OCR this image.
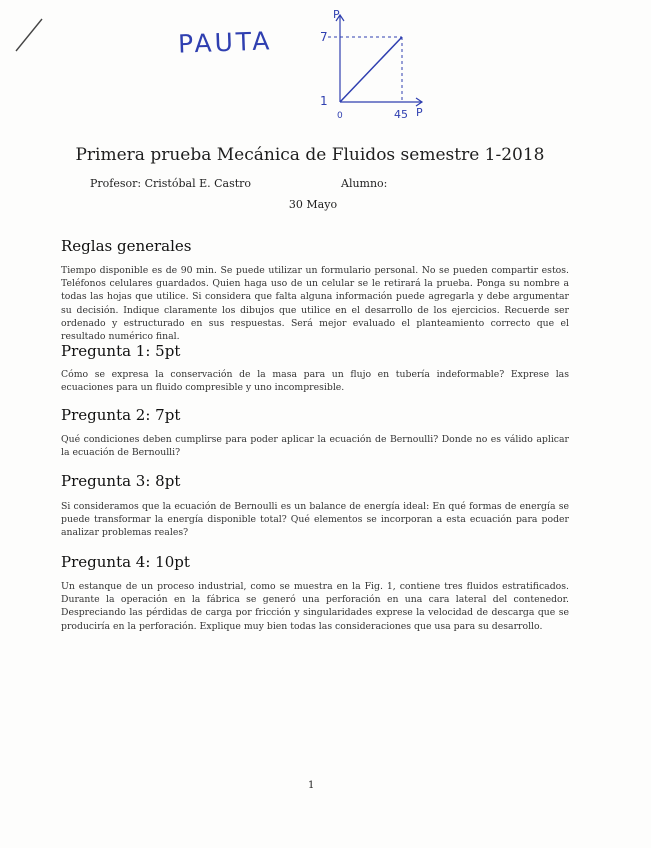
PAUTA
P
7
1
45 P
0
Primera prueba Mecánica de Fluidos semestre 1-2018
Profesor: Cristóbal E. Castro	Alumno:
30 Mayo
Reglas generales

Tiempo disponible es de 90 min. Se puede utilizar un formulario personal. No se pueden compartir estos. Teléfonos celulares guardados. Quien haga uso de un celular se le retirará la prueba. Ponga su nombre a todas las hojas que utilice. Si considera que falta alguna información puede agregarla y debe argumentar su decisión. Indique claramente los dibujos que utilice en el desarrollo de los ejercicios. Recuerde ser ordenado y estructurado en sus respuestas. Será mejor evaluado el planteamiento correcto que el resultado numérico final.

Pregunta 1: 5pt

Cómo se expresa la conservación de la masa para un flujo en tubería indeformable? Exprese las ecuaciones para un fluido compresible y uno incompresible.

Pregunta 2: 7pt

Qué condiciones deben cumplirse para poder aplicar la ecuación de Bernoulli? Donde no es válido aplicar la ecuación de Bernoulli?

Pregunta 3: 8pt

Si consideramos que la ecuación de Bernoulli es un balance de energía ideal: En qué formas de energía se puede transformar la energía disponible total? Qué elementos se incorporan a esta ecuación para poder analizar problemas reales?

Pregunta 4: 10pt

Un estanque de un proceso industrial, como se muestra en la Fig. 1, contiene tres fluidos estratificados. Durante la operación en la fábrica se generó una perforación en una cara lateral del contenedor. Despreciando las pérdidas de carga por fricción y singularidades exprese la velocidad de descarga que se produciría en la perforación. Explique muy bien todas las consideraciones que usa para su desarrollo.

1
